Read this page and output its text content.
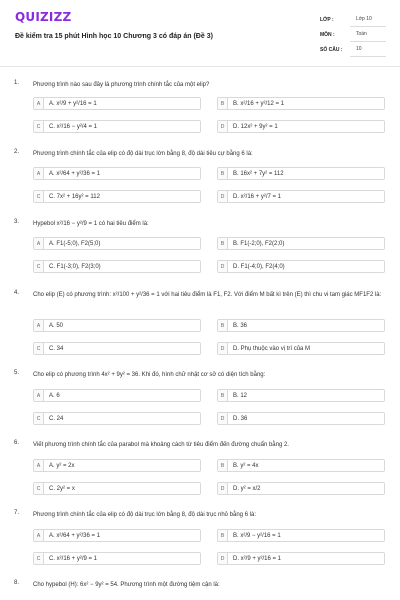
QUIZIZZ
Đề kiểm tra 15 phút Hình học 10 Chương 3 có đáp án (Đề 3)
LỚP :	Lớp 10
MÔN :	Toán
SỐ CÂU :	10
1. Phương trình nào sau đây là phương trình chính tắc của một elip?
A	A. x²/9 + y²/16 = 1	B	B. x²/16 + y²/12 = 1
C	C. x²/16 − y²/4 = 1	D	D. 12x² + 9y² = 1
2. Phương trình chính tắc của elip có độ dài trục lớn bằng 8, độ dài tiêu cự bằng 6 là:
A	A. x²/64 + y²/36 = 1	B	B. 16x² + 7y² = 112
C	C. 7x² + 16y² = 112	D	D. x²/16 + y²/7 = 1
3. Hypebol x²/16 − y²/9 = 1 có hai tiêu điểm là:
A	A. F1(-5;0), F2(5;0)	B	B. F1(-2;0), F2(2;0)
C	C. F1(-3;0), F2(3;0)	D	D. F1(-4;0), F2(4;0)
4. Cho elip (E) có phương trình: x²/100 + y²/36 = 1 với hai tiêu điểm là F1, F2. Với điểm M bất kì trên (E) thì chu vi tam giác MF1F2 là:
A	A. 50	B	B. 36
C	C. 34	D	D. Phụ thuộc vào vị trí của M
5. Cho elip có phương trình 4x² + 9y² = 36. Khi đó, hình chữ nhật cơ sở có diện tích bằng:
A	A. 6	B	B. 12
C	C. 24	D	D. 36
6. Viết phương trình chính tắc của parabol mà khoảng cách từ tiêu điểm đến đường chuẩn bằng 2.
A	A. y² = 2x	B	B. y² = 4x
C	C. 2y² = x	D	D. y² = x/2
7. Phương trình chính tắc của elip có độ dài trục lớn bằng 8, độ dài trục nhỏ bằng 6 là:
A	A. x²/64 + y²/36 = 1	B	B. x²/9 − y²/16 = 1
C	C. x²/16 + y²/9 = 1	D	D. x²/9 + y²/16 = 1
8. Cho hypebol (H): 6x² − 9y² = 54. Phương trình một đường tiệm cận là:
